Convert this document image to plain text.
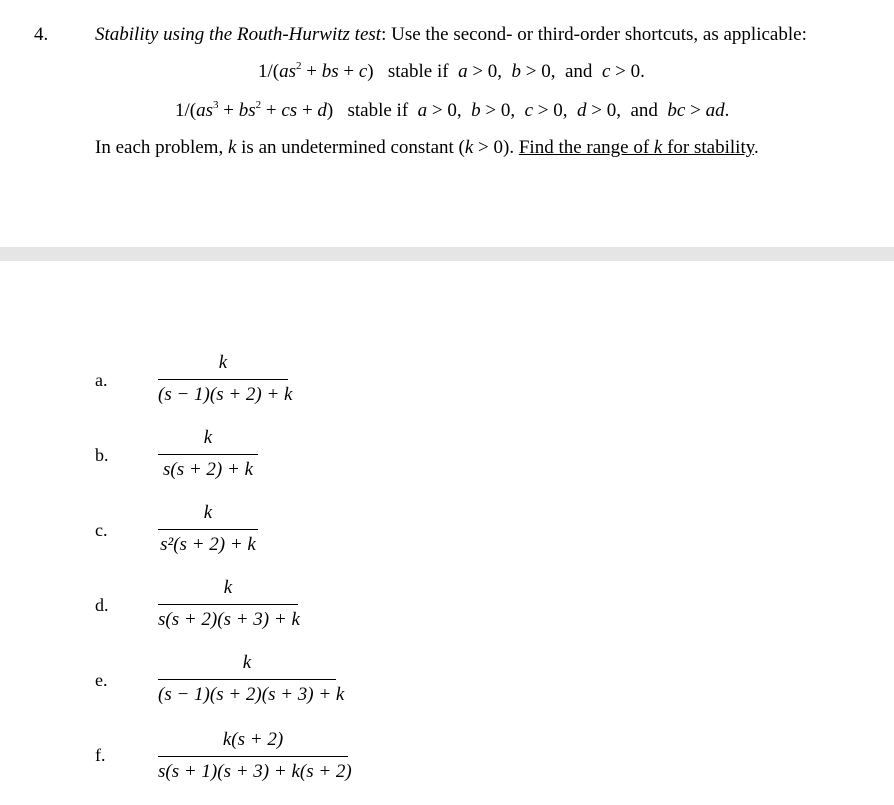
4. Stability using the Routh-Hurwitz test: Use the second- or third-order shortcuts, as applicable:
$1/(as^2$ + bs + c)   stable if a > 0,  b > 0,  and c > 0.
$1/(as^3 + bs^2$ + cs + d)   stable if a > 0,  b > 0,  c > 0,  d > 0,  and bc > ad.
In each problem, k is an undetermined constant (k > 0). Find the range of k for stability.
a.
k
(s − 1)(s + 2) + k
b.
k
s(s + 2) + k
c.
k
s²(s + 2) + k
d.
k
s(s + 2)(s + 3) + k
e.
k
(s − 1)(s + 2)(s + 3) + k
f.
k(s + 2)
s(s + 1)(s + 3) + k(s + 2)
